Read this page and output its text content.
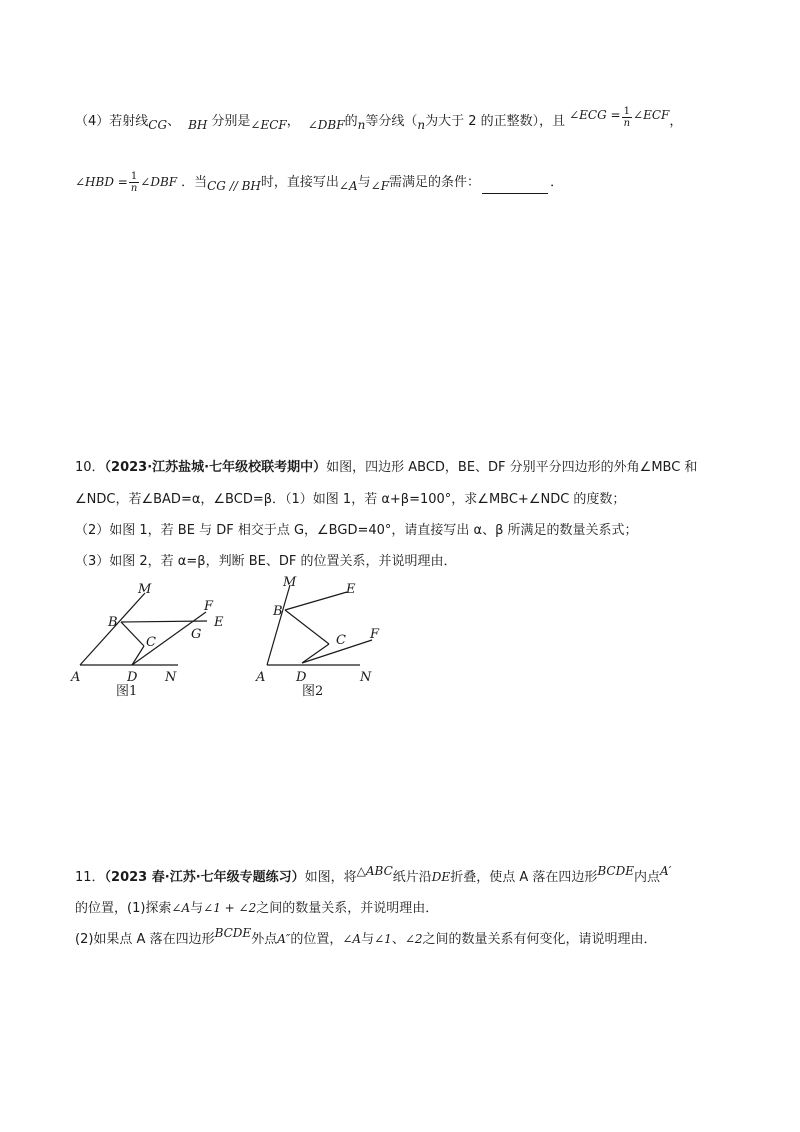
（4）若射线CG、 BH 分别是∠ECF， ∠DBF的n等分线（n为大于 2 的正整数），且 ∠ECG = $\frac{1}{n}$ ∠ECF，
∠HBD = $\frac{1}{n}$ ∠DBF ．当CG // BH时，直接写出∠A与∠F需满足的条件：	．
10．（2023·江苏盐城·七年级校联考期中）如图，四边形 ABCD，BE、DF 分别平分四边形的外角∠MBC 和
∠NDC，若∠BAD=α，∠BCD=β．（1）如图 1，若 α+β=100°，求∠MBC+∠NDC 的度数；
（2）如图 1，若 BE 与 DF 相交于点 G，∠BGD=40°，请直接写出 α、β 所满足的数量关系式；
（3）如图 2，若 α=β，判断 BE、DF 的位置关系，并说明理由．
M
B
F
E
G
C
A	D N
图1
M	E
B
C F
A D	N
图2
11．（2023 春·江苏·七年级专题练习）如图，将△ABC纸片沿DE折叠，使点 A 落在四边形BCDE内点A′
的位置，(1)探索∠A与∠1 + ∠2之间的数量关系，并说明理由．
(2)如果点 A 落在四边形BCDE外点A″的位置，∠A与∠1、∠2之间的数量关系有何变化，请说明理由．
